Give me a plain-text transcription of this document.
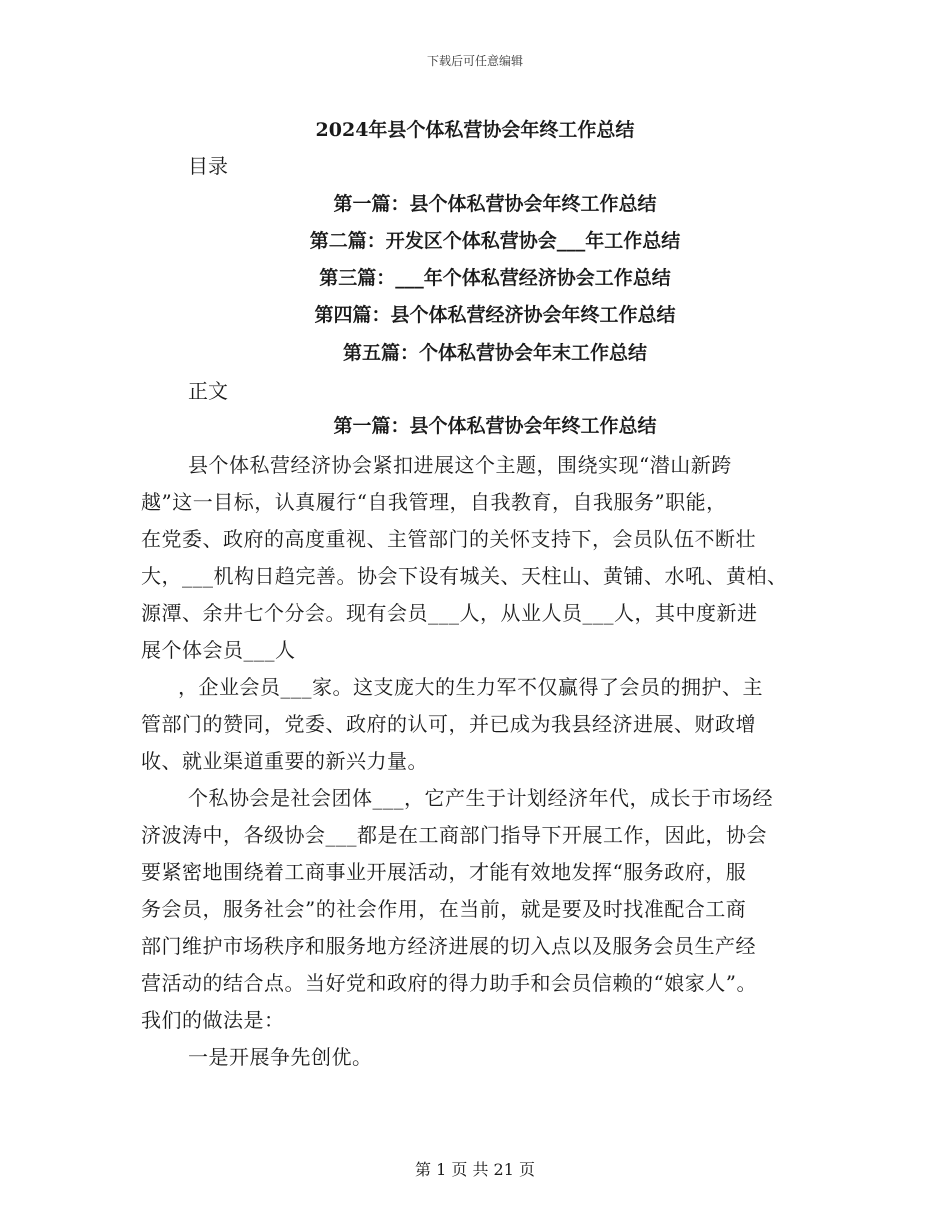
下载后可任意编辑
2024年县个体私营协会年终工作总结
目录
第一篇：县个体私营协会年终工作总结
第二篇：开发区个体私营协会___年工作总结
第三篇：___年个体私营经济协会工作总结
第四篇：县个体私营经济协会年终工作总结
第五篇：个体私营协会年末工作总结
正文
第一篇：县个体私营协会年终工作总结
县个体私营经济协会紧扣进展这个主题，围绕实现“潜山新跨
越”这一目标，认真履行“自我管理，自我教育，自我服务”职能，
在党委、政府的高度重视、主管部门的关怀支持下，会员队伍不断壮
大，___机构日趋完善。协会下设有城关、天柱山、黄铺、水吼、黄柏、
源潭、余井七个分会。现有会员___人，从业人员___人，其中度新进
展个体会员___人
，企业会员___家。这支庞大的生力军不仅赢得了会员的拥护、主
管部门的赞同，党委、政府的认可，并已成为我县经济进展、财政增
收、就业渠道重要的新兴力量。
个私协会是社会团体___，它产生于计划经济年代，成长于市场经
济波涛中，各级协会___都是在工商部门指导下开展工作，因此，协会
要紧密地围绕着工商事业开展活动，才能有效地发挥“服务政府，服
务会员，服务社会”的社会作用，在当前，就是要及时找准配合工商
部门维护市场秩序和服务地方经济进展的切入点以及服务会员生产经
营活动的结合点。当好党和政府的得力助手和会员信赖的“娘家人”。
我们的做法是：
一是开展争先创优。
第 1 页 共 21 页
